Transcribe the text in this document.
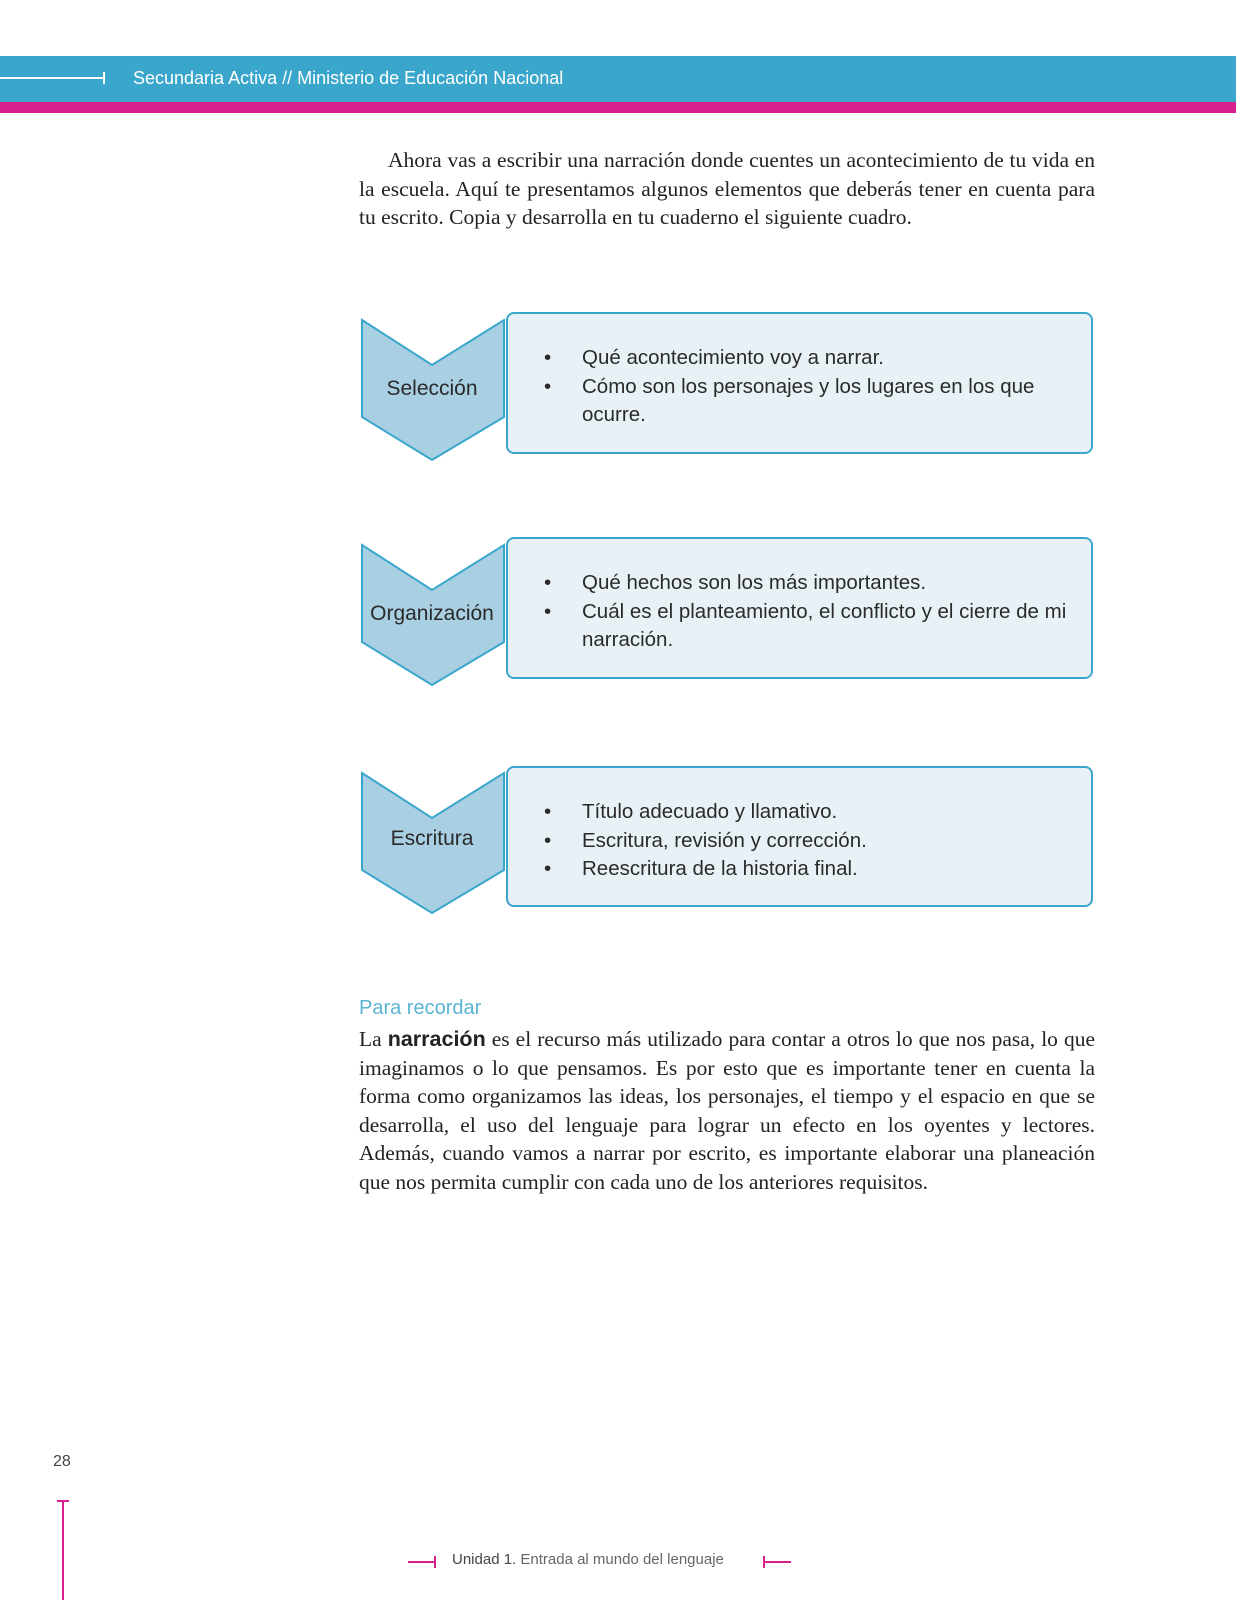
Secundaria Activa // Ministerio de Educación Nacional

Ahora vas a escribir una narración donde cuentes un acontecimiento de tu vida en la escuela. Aquí te presentamos algunos elementos que deberás tener en cuenta para tu escrito. Copia y desarrolla en tu cuaderno el siguiente cuadro.

Selección
• Qué acontecimiento voy a narrar.
• Cómo son los personajes y los lugares en los que ocurre.
Organización
• Qué hechos son los más importantes.
• Cuál es el planteamiento, el conflicto y el cierre de mi narración.
Escritura
• Título adecuado y llamativo.
• Escritura, revisión y corrección.
• Reescritura de la historia final.
Para recordar

La narración es el recurso más utilizado para contar a otros lo que nos pasa, lo que imaginamos o lo que pensamos. Es por esto que es importante tener en cuenta la forma como organizamos las ideas, los personajes, el tiempo y el espacio en que se desarrolla, el uso del lenguaje para lograr un efecto en los oyentes y lectores. Además, cuando vamos a narrar por escrito, es importante elaborar una planeación que nos permita cumplir con cada uno de los anteriores requisitos.

28
Unidad 1. Entrada al mundo del lenguaje
